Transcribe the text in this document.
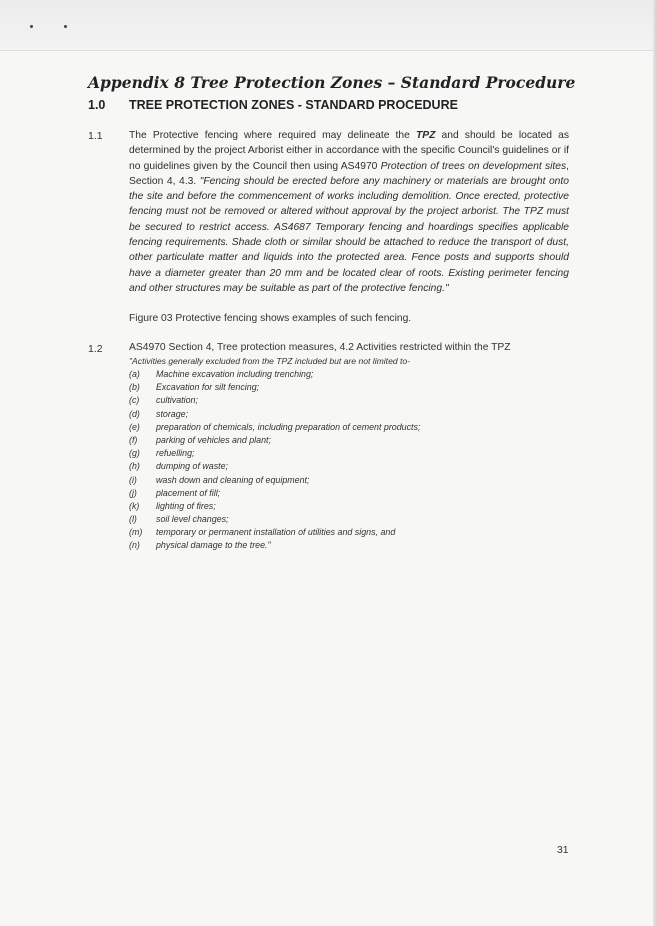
Appendix 8 Tree Protection Zones – Standard Procedure
1.0 TREE PROTECTION ZONES - STANDARD PROCEDURE
1.1	The Protective fencing where required may delineate the TPZ and should be located as determined by the project Arborist either in accordance with the specific Council's guidelines or if no guidelines given by the Council then using AS4970 Protection of trees on development sites, Section 4, 4.3. "Fencing should be erected before any machinery or materials are brought onto the site and before the commencement of works including demolition. Once erected, protective fencing must not be removed or altered without approval by the project arborist. The TPZ must be secured to restrict access. AS4687 Temporary fencing and hoardings specifies applicable fencing requirements. Shade cloth or similar should be attached to reduce the transport of dust, other particulate matter and liquids into the protected area. Fence posts and supports should have a diameter greater than 20 mm and be located clear of roots. Existing perimeter fencing and other structures may be suitable as part of the protective fencing."

Figure 03 Protective fencing shows examples of such fencing.
1.2	AS4970 Section 4, Tree protection measures, 4.2 Activities restricted within the TPZ
"Activities generally excluded from the TPZ included but are not limited to-
(a)	Machine excavation including trenching;
(b)	Excavation for silt fencing;
(c)	cultivation;
(d)	storage;
(e)	preparation of chemicals, including preparation of cement products;
(f)	parking of vehicles and plant;
(g)	refuelling;
(h)	dumping of waste;
(i)	wash down and cleaning of equipment;
(j)	placement of fill;
(k)	lighting of fires;
(l)	soil level changes;
(m)	temporary or permanent installation of utilities and signs, and
(n)	physical damage to the tree."
31
